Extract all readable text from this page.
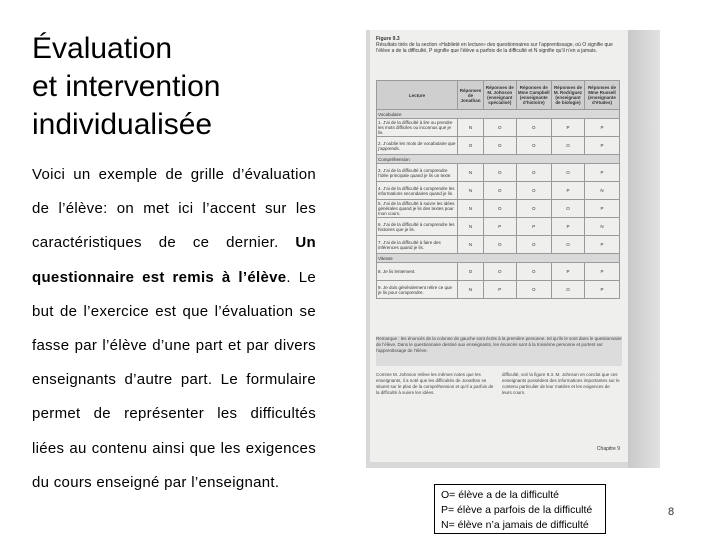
Évaluation
et intervention
individualisée

Voici un exemple de grille d’évaluation de l’élève: on met ici l’accent sur les caractéristiques de ce dernier. Un questionnaire est remis à l’élève. Le but de l’exercice est que l’évaluation se fasse par l’élève d’une part et par divers enseignants d’autre part. Le formulaire permet de représenter les difficultés liées au contenu ainsi que les exigences du cours enseigné par l’enseignant.

Figure 9.3
Résultats tirés de la section «Habileté en lecture» des questionnaires sur l’apprentissage, où O signifie que l’élève a de la difficulté, P signifie que l’élève a parfois de la difficulté et N signifie qu’il n’en a jamais.
Lecture	Réponses de Jonathan	Réponses de M. Johnson (enseignant spécialisé)	Réponses de Mme Campbell (enseignante d’histoire)	Réponses de M. Rodriguez (enseignant de biologie)	Réponses de Mme Russell (enseignante d’études)
Vocabulaire					
1. J’ai de la difficulté à lire ou prendre les mots difficiles ou inconnus que je lis.	N	O	O	P	P
2. J’oublie les mots de vocabulaire que j’apprends.	O	O	O	O	P
Compréhension					
3. J’ai de la difficulté à comprendre l’idée principale quand je lis un texte.	N	O	O	O	P
4. J’ai de la difficulté à comprendre les informations secondaires quand je lis.	N	O	O	P	N
5. J’ai de la difficulté à suivre les idées générales quand je lis des textes pour mon cours.	N	O	O	O	P
6. J’ai de la difficulté à comprendre les histoires que je lis.	N	P	P	P	N
7. J’ai de la difficulté à faire des inférences quand je lis.	N	O	O	O	P
Vitesse					
8. Je lis lentement.	O	O	O	P	P
9. Je dois généralement relire ce que je lis pour comprendre.	N	P	O	O	P
Remarque : les énoncés de la colonne de gauche sont écrits à la première personne, tel qu’ils le sont dans le questionnaire de l’élève. Dans le questionnaire destiné aux enseignants, les énoncés sont à la troisième personne et portent sur l’apprentissage de l’élève.
Comme M. Johnson relève les mêmes notes que les enseignants, il a noté que les difficultés de Jonathan se situent sur le plan de la compréhension et qu’il a parfois de la difficulté à suivre les idées.
difficulté, voir la figure 9.3. M. Johnson en conclut que ces enseignants possèdent des informations importantes sur le contenu particulier de leur matière et les exigences de leurs cours.
Chapitre 9
O= élève a de la difficulté
P= élève a parfois de la difficulté
N= élève n’a jamais de difficulté
8
